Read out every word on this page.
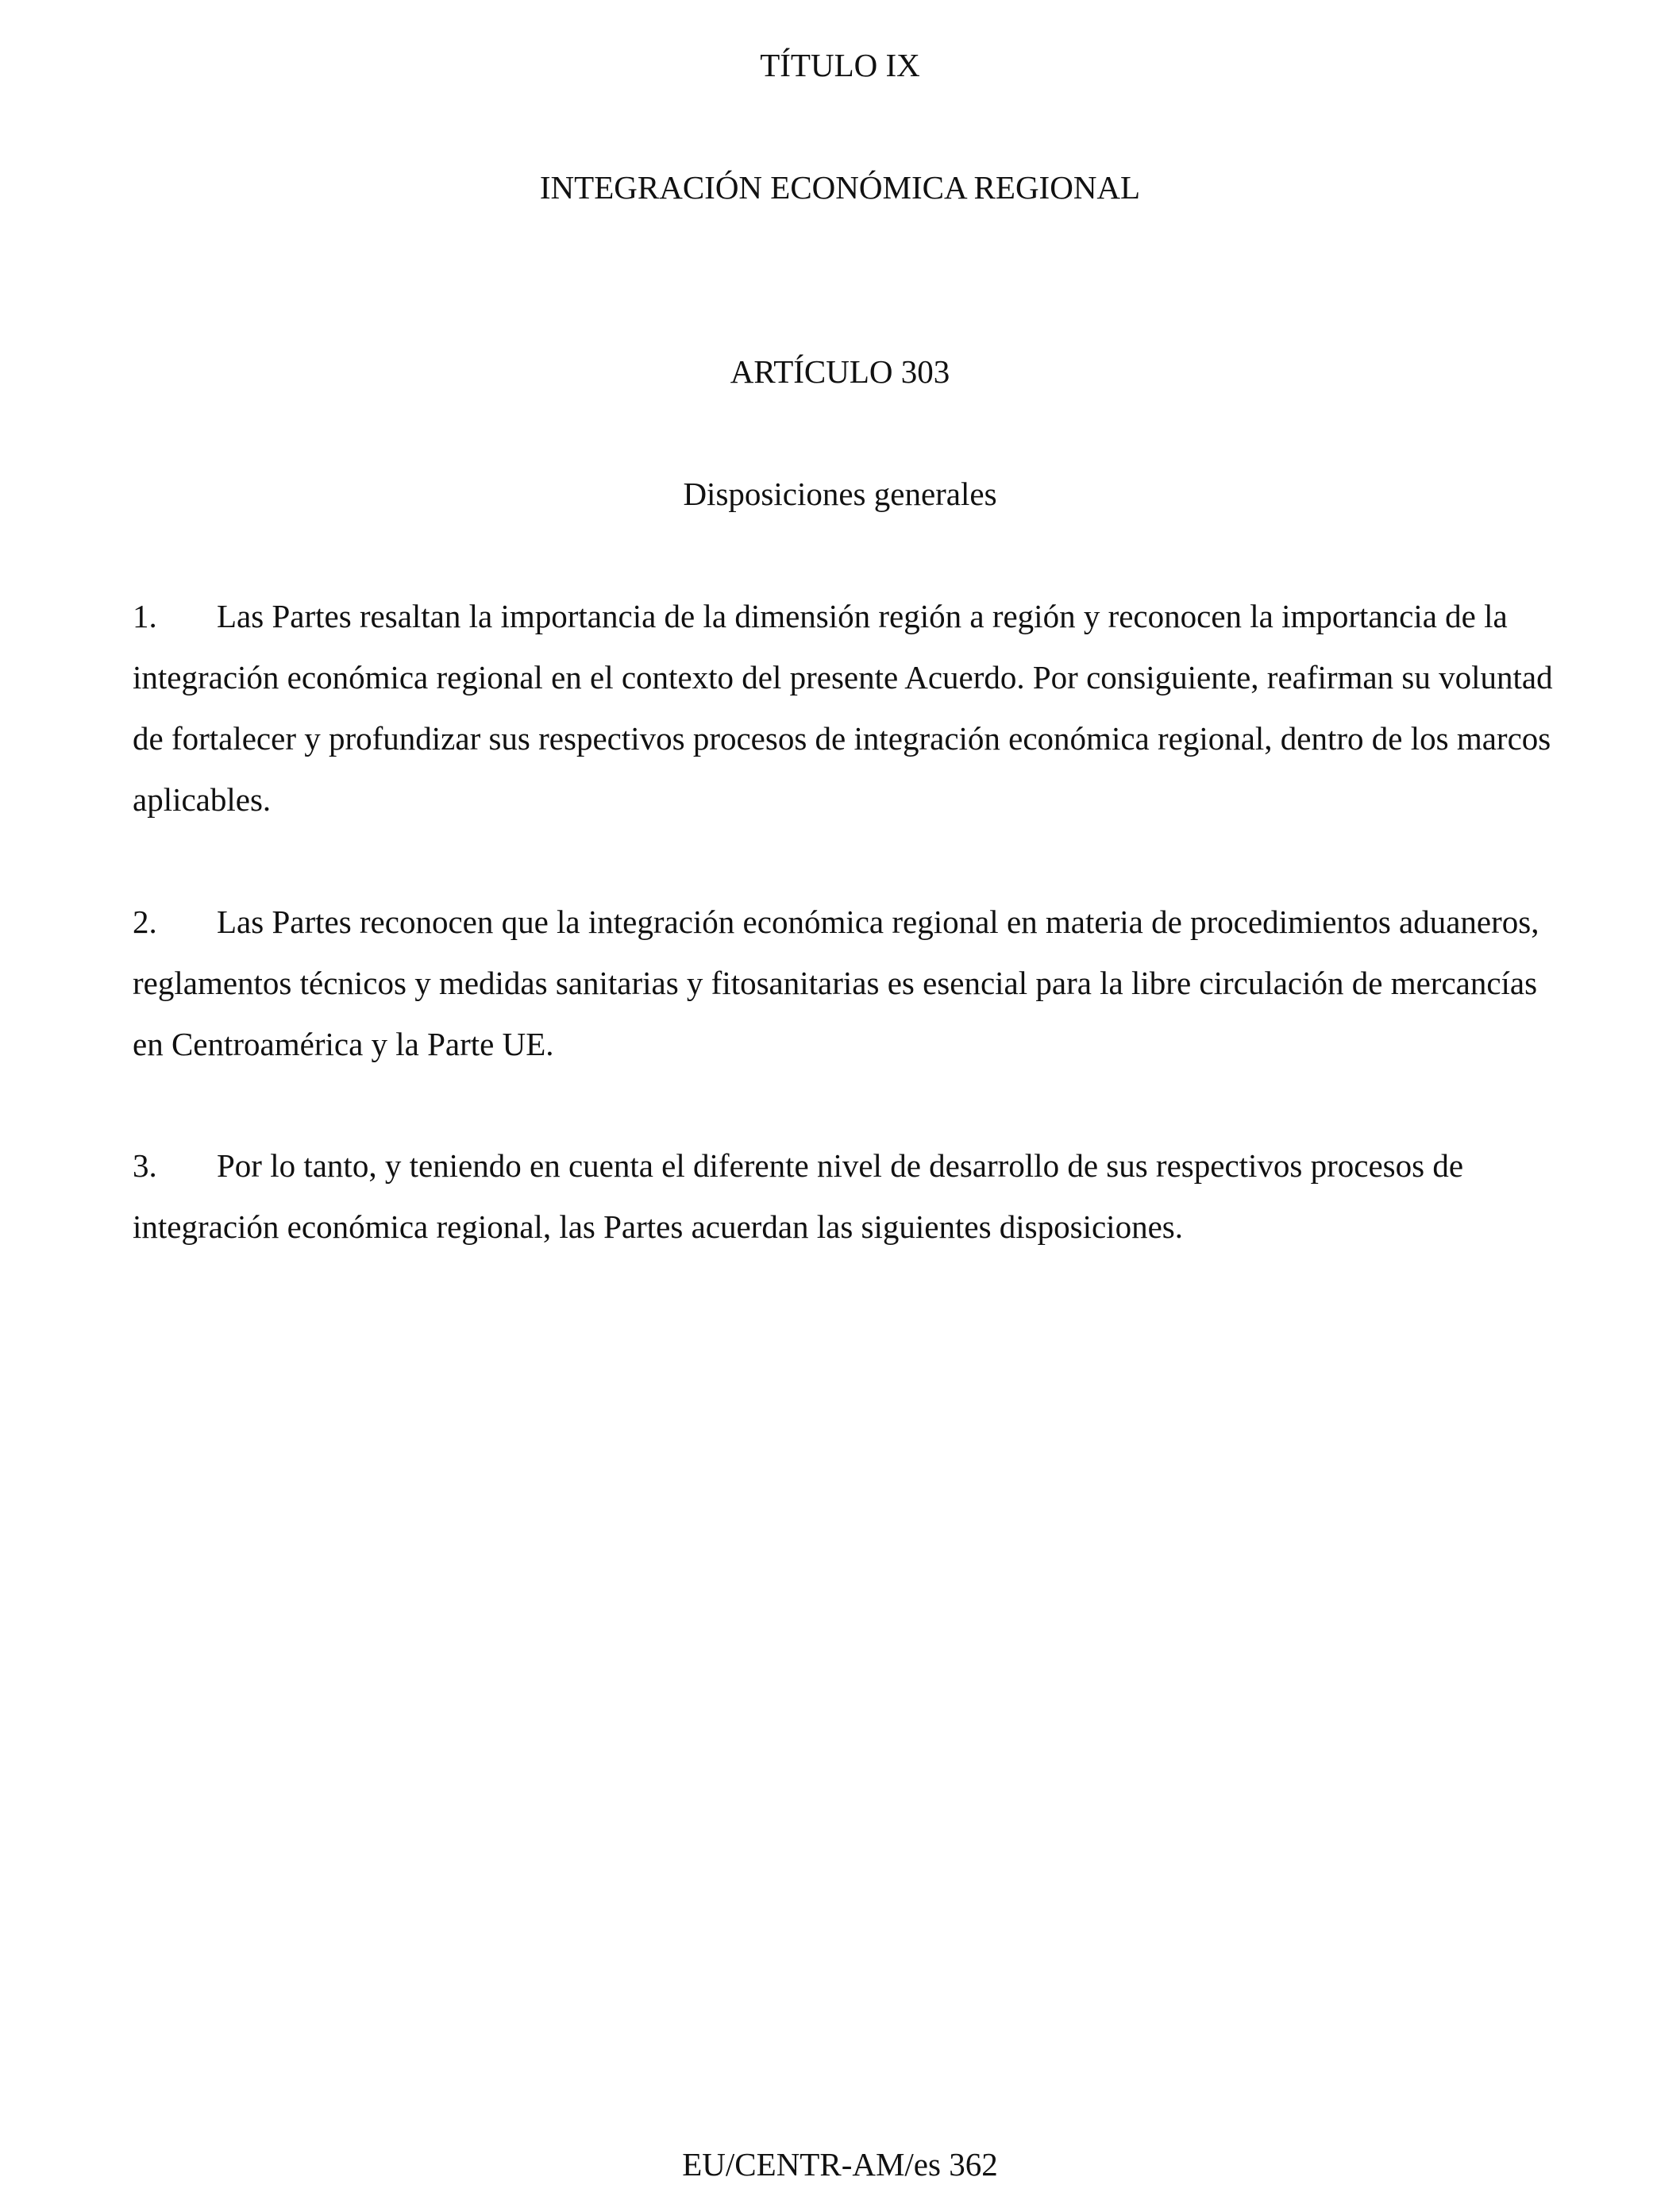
TÍTULO IX
INTEGRACIÓN ECONÓMICA REGIONAL
ARTÍCULO 303
Disposiciones generales

1. Las Partes resaltan la importancia de la dimensión región a región y reconocen la importancia de la integración económica regional en el contexto del presente Acuerdo. Por consiguiente, reafirman su voluntad de fortalecer y profundizar sus respectivos procesos de integración económica regional, dentro de los marcos aplicables.

2. Las Partes reconocen que la integración económica regional en materia de procedimientos aduaneros, reglamentos técnicos y medidas sanitarias y fitosanitarias es esencial para la libre circulación de mercancías en Centroamérica y la Parte UE.

3. Por lo tanto, y teniendo en cuenta el diferente nivel de desarrollo de sus respectivos procesos de integración económica regional, las Partes acuerdan las siguientes disposiciones.

EU/CENTR-AM/es 362
